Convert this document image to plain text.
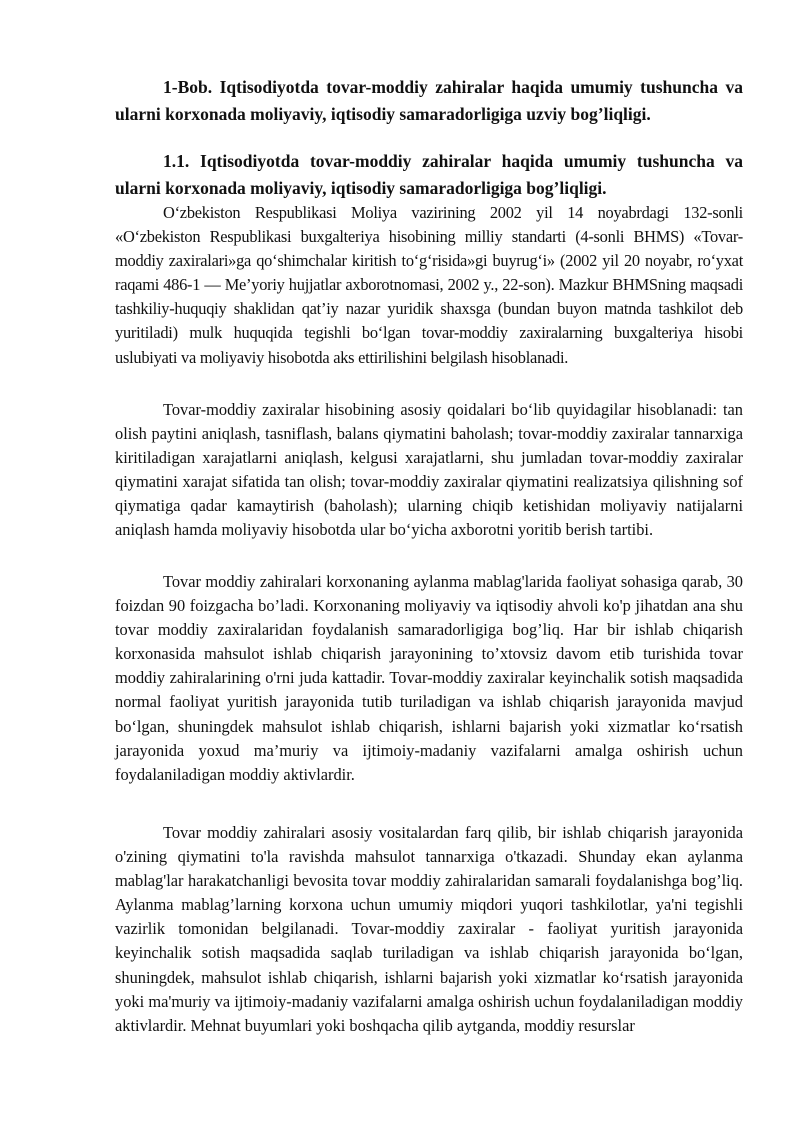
1-Bob. Iqtisodiyotda tovar-moddiy zahiralar haqida umumiy tushuncha va ularni korxonada moliyaviy, iqtisodiy samaradorligiga uzviy bog’liqligi.

1.1. Iqtisodiyotda tovar-moddiy zahiralar haqida umumiy tushuncha va ularni korxonada moliyaviy, iqtisodiy samaradorligiga bog’liqligi.

O‘zbekiston Respublikasi Moliya vazirining 2002 yil 14 noyabrdagi 132-sonli «O‘zbekiston Respublikasi buxgalteriya hisobining milliy standarti (4-sonli BHMS) «Tovar-moddiy zaxiralari»ga qo‘shimchalar kiritish to‘g‘risida»gi buyrug‘i» (2002 yil 20 noyabr, ro‘yxat raqami 486-1 — Me’yoriy hujjatlar axborotnomasi, 2002 y., 22-son). Mazkur BHMSning maqsadi tashkiliy-huquqiy shaklidan qat’iy nazar yuridik shaxsga (bundan buyon matnda tashkilot deb yuritiladi) mulk huquqida tegishli bo‘lgan tovar-moddiy zaxiralarning buxgalteriya hisobi uslubiyati va moliyaviy hisobotda aks ettirilishini belgilash hisoblanadi.

Tovar-moddiy zaxiralar hisobining asosiy qoidalari bo‘lib quyidagilar hisoblanadi: tan olish paytini aniqlash, tasniflash, balans qiymatini baholash; tovar-moddiy zaxiralar tannarxiga kiritiladigan xarajatlarni aniqlash, kelgusi xarajatlarni, shu jumladan tovar-moddiy zaxiralar qiymatini xarajat sifatida tan olish; tovar-moddiy zaxiralar qiymatini realizatsiya qilishning sof qiymatiga qadar kamaytirish (baholash); ularning chiqib ketishidan moliyaviy natijalarni aniqlash hamda moliyaviy hisobotda ular bo‘yicha axborotni yoritib berish tartibi.

Tovar moddiy zahiralari korxonaning aylanma mablag'larida faoliyat sohasiga qarab, 30 foizdan 90 foizgacha bo’ladi. Korxonaning moliyaviy va iqtisodiy ahvoli ko'p jihatdan ana shu tovar moddiy zaxiralaridan foydalanish samaradorligiga bog’liq. Har bir ishlab chiqarish korxonasida mahsulot ishlab chiqarish jarayonining to’xtovsiz davom etib turishida tovar moddiy zahiralarining o'rni juda kattadir. Tovar-moddiy zaxiralar keyinchalik sotish maqsadida normal faoliyat yuritish jarayonida tutib turiladigan va ishlab chiqarish jarayonida mavjud bo‘lgan, shuningdek mahsulot ishlab chiqarish, ishlarni bajarish yoki xizmatlar ko‘rsatish jarayonida yoxud ma’muriy va ijtimoiy-madaniy vazifalarni amalga oshirish uchun foydalaniladigan moddiy aktivlardir.

Tovar moddiy zahiralari asosiy vositalardan farq qilib, bir ishlab chiqarish jarayonida o'zining qiymatini to'la ravishda mahsulot tannarxiga o'tkazadi. Shunday ekan aylanma mablag'lar harakatchanligi bevosita tovar moddiy zahiralaridan samarali foydalanishga bog’liq. Aylanma mablag’larning korxona uchun umumiy miqdori yuqori tashkilotlar, ya'ni tegishli vazirlik tomonidan belgilanadi. Tovar-moddiy zaxiralar - faoliyat yuritish jarayonida keyinchalik sotish maqsadida saqlab turiladigan va ishlab chiqarish jarayonida bo‘lgan, shuningdek, mahsulot ishlab chiqarish, ishlarni bajarish yoki xizmatlar ko‘rsatish jarayonida yoki ma'muriy va ijtimoiy-madaniy vazifalarni amalga oshirish uchun foydalaniladigan moddiy aktivlardir. Mehnat buyumlari yoki boshqacha qilib aytganda, moddiy resurslar
